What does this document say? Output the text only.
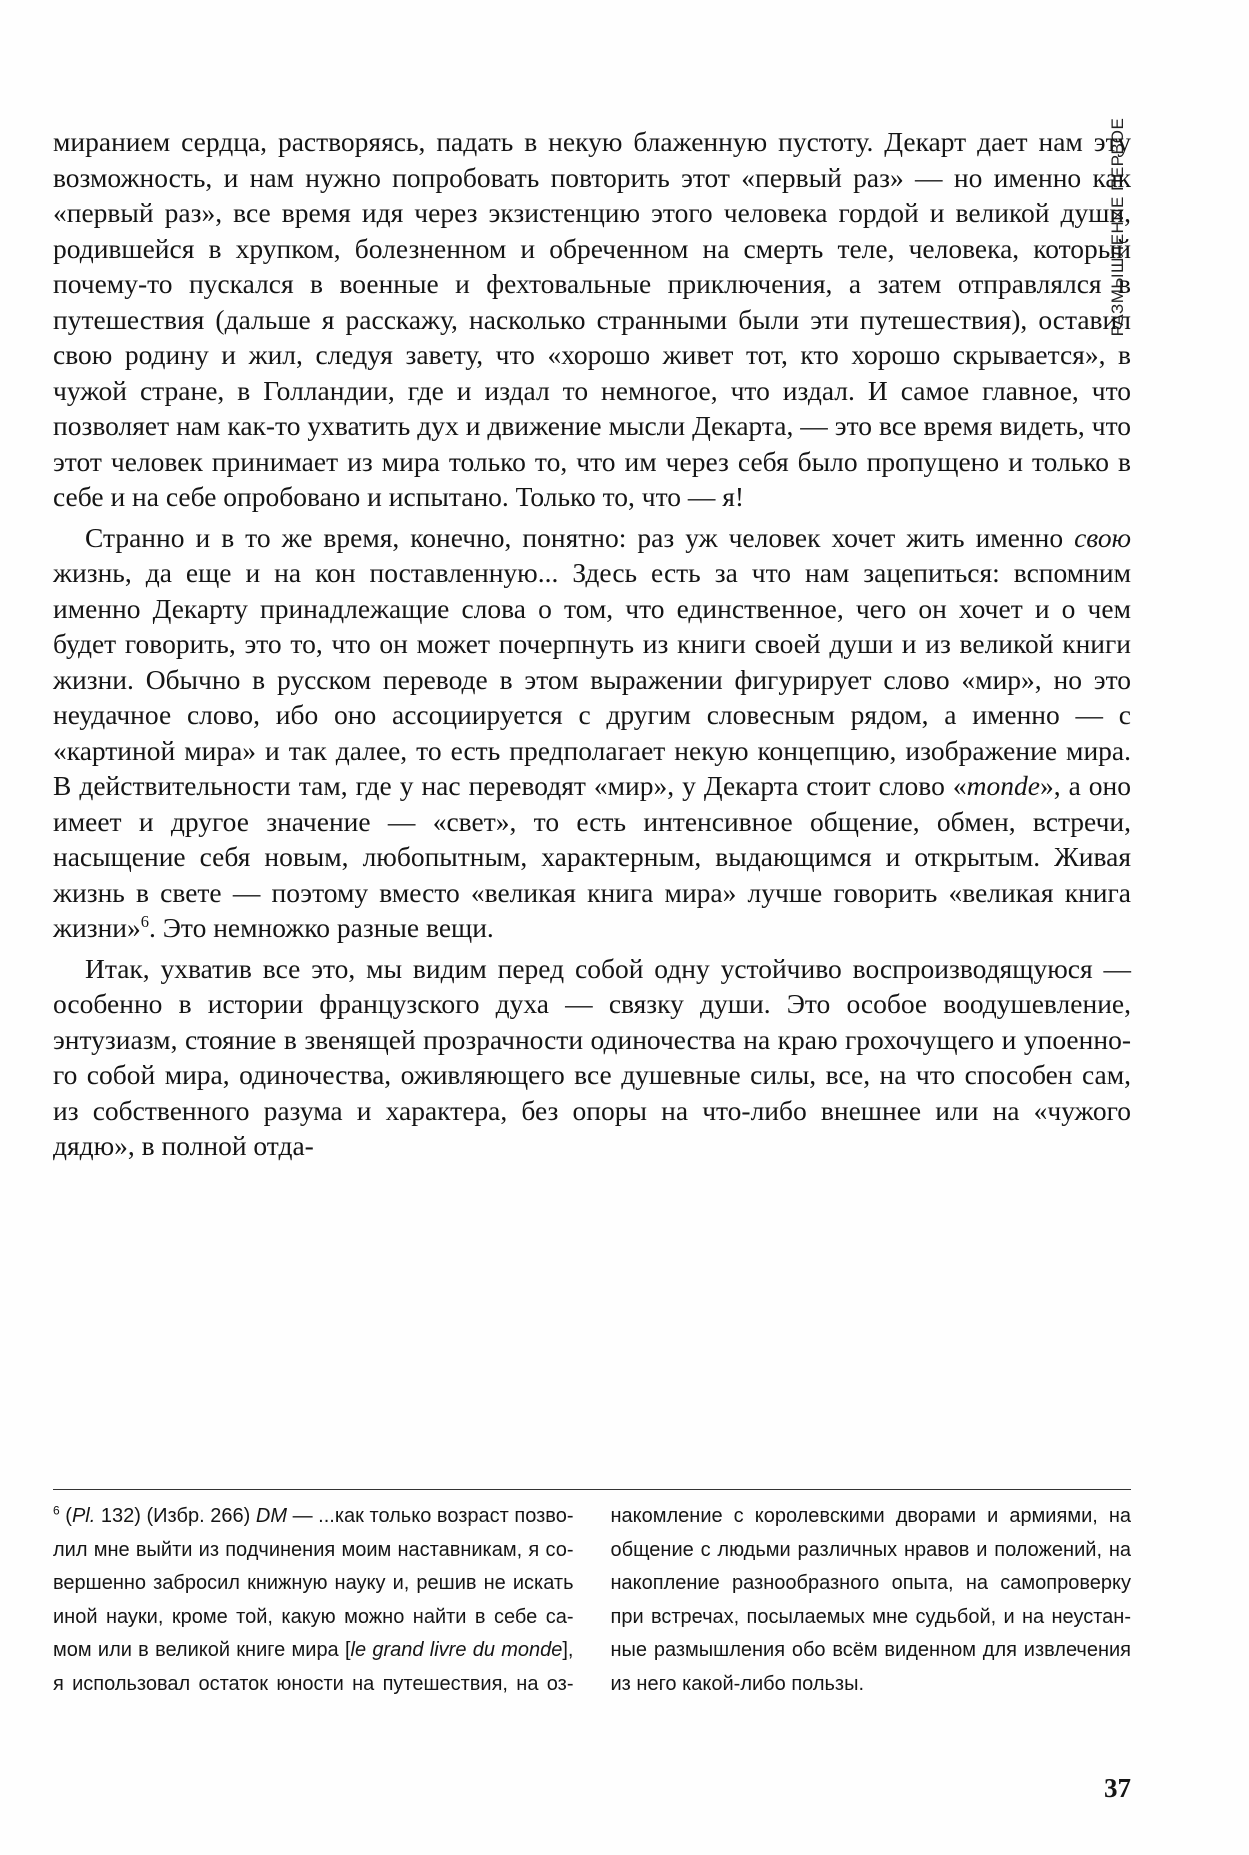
РАЗМЫШЛЕНИЕ ПЕРВОЕ

миранием сердца, растворяясь, падать в некую блаженную пустоту. Декарт дает нам эту возможность, и нам нужно попробовать повторить этот «первый раз» — но именно как «первый раз», все время идя через экзистенцию этого человека гордой и великой души, родившейся в хрупком, болезненном и обреченном на смерть теле, человека, который почему-то пускался в военные и фехтовальные приключения, а затем отправлялся в путешествия (дальше я расскажу, насколько странными были эти путешествия), оставил свою родину и жил, следуя завету, что «хорошо живет тот, кто хорошо скрывается», в чужой стране, в Голландии, где и издал то немногое, что издал. И самое главное, что позволяет нам как-то ухватить дух и движение мысли Декарта, — это все время видеть, что этот человек принимает из мира только то, что им через себя было пропущено и только в себе и на себе опробовано и испытано. Только то, что — я!

Странно и в то же время, конечно, понятно: раз уж человек хочет жить именно свою жизнь, да еще и на кон поставленную... Здесь есть за что нам зацепиться: вспомним именно Декарту принадлежащие слова о том, что единственное, чего он хочет и о чем будет говорить, это то, что он может почерпнуть из книги своей души и из великой книги жизни. Обычно в русском переводе в этом выражении фигурирует слово «мир», но это неудачное слово, ибо оно ассоциируется с другим словесным рядом, а именно — с «картиной мира» и так далее, то есть предполагает некую концепцию, изображение мира. В действительности там, где у нас переводят «мир», у Декарта стоит слово «monde», а оно имеет и другое значение — «свет», то есть интенсивное общение, обмен, встречи, насыщение себя новым, любопытным, характерным, выдающимся и открытым. Живая жизнь в свете — поэтому вместо «великая книга мира» лучше говорить «великая книга жизни»$^6$. Это немножко разные вещи.

Итак, ухватив все это, мы видим перед собой одну устойчиво воспроизводящуюся — особенно в истории французского духа — связку души. Это особое воодушевление, энтузиазм, стояние в звенящей прозрачности одиночества на краю грохочущего и упоенного собой мира, одиночества, оживляющего все душевные силы, все, на что способен сам, из собственного разума и характера, без опоры на что-либо внешнее или на «чужого дядю», в полной отда-

$^6$ (Pl. 132) (Избр. 266) DM — ...как только возраст позволил мне выйти из подчинения моим наставникам, я совершенно забросил книжную науку и, решив не искать иной науки, кроме той, какую можно найти в себе самом или в великой книге мира [le grand livre du monde], я использовал остаток юности на путешествия, на ознакомление с королевскими дворами и армиями, на общение с людьми различных нравов и положений, на накопление разнообразного опыта, на самопроверку при встречах, посылаемых мне судьбой, и на неустанные размышления обо всём виденном для извлечения из него какой-либо пользы.

37
